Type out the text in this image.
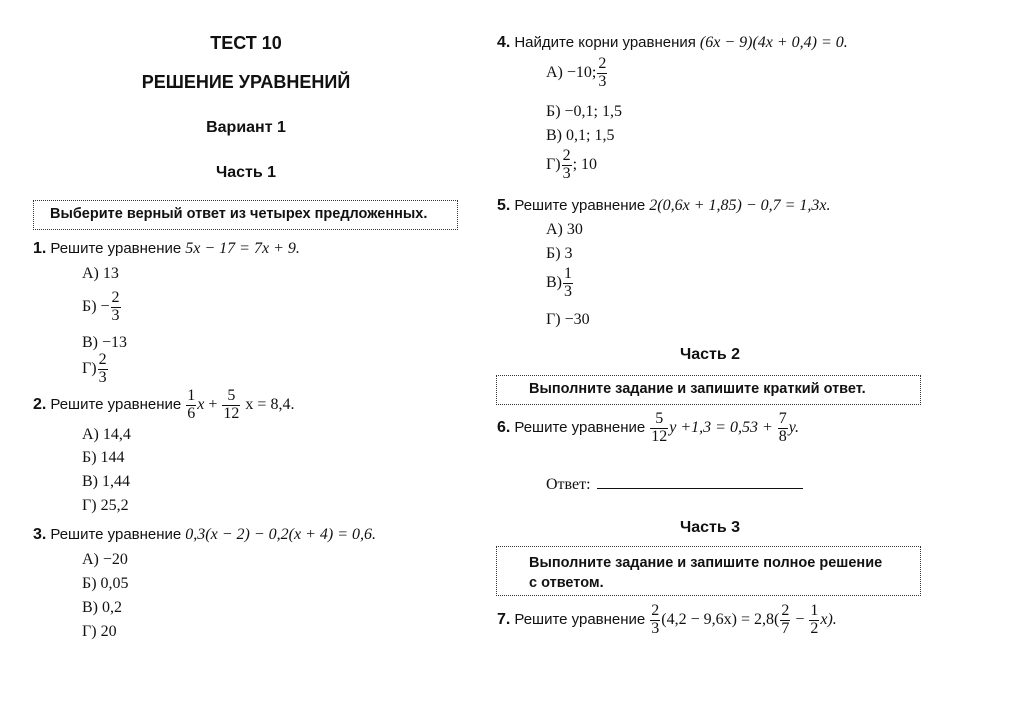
ТЕСТ 10
РЕШЕНИЕ УРАВНЕНИЙ
Вариант 1
Часть 1
Выберите верный ответ из четырех предложенных.
1. Решите уравнение 5x − 17 = 7x + 9.
А) 13
$Б) - \frac{2}{3}$
В) −13
$Г) \frac{2}{3}$
2. Решите уравнение $\frac{1}{6}$ $x + \frac{5}{12}$ x = 8,4.
А) 14,4
Б) 144
В) 1,44
Г) 25,2
3. Решите уравнение 0,3(x − 2) − 0,2(x + 4) = 0,6.
А) −20
Б) 0,05
В) 0,2
Г) 20
4. Найдите корни уравнения (6x − 9)(4x + 0,4) = 0.
А) −10; $\frac{2}{3}$
Б) −0,1; 1,5
В) 0,1; 1,5
$Г) \frac{2}{3}$ ; 10
5. Решите уравнение 2(0,6x + 1,85) − 0,7 = 1,3x.
А) 30
Б) 3
$В) \frac{1}{3}$
Г) −30
Часть 2
Выполните задание и запишите краткий ответ.
6. Решите уравнение $\frac{5}{12}$ $y +1,3 = 0,53 + \frac{7}{8} y$.
Ответ:
Часть 3
Выполните задание и запишите полное решение
с ответом.
7. Решите уравнение $\frac{2}{3} (4,2 - 9,6x) = 2,8( \frac{2}{7} - \frac{1}{2} x)$.
